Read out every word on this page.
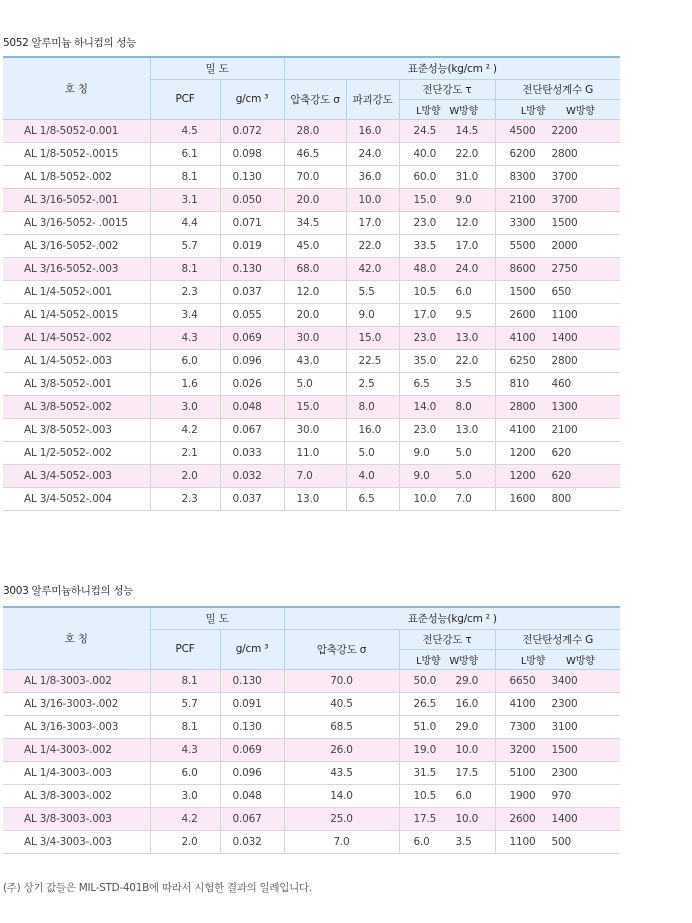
5052 알루미늄 하니컴의 성능
호 칭	밀 도		표준성능(kg/cm ² )			
	PCF	g/cm ³	압축강도 σ	파괴강도	전단강도 τ	전단탄성계수 G
					L방향 W방향	L방향 W방향
AL 1/8-5052-0.001	4.5	0.072	28.0	16.0	24.5 14.5	4500 2200
AL 1/8-5052-.0015	6.1	0.098	46.5	24.0	40.0 22.0	6200 2800
AL 1/8-5052-.002	8.1	0.130	70.0	36.0	60.0 31.0	8300 3700
AL 3/16-5052-.001	3.1	0.050	20.0	10.0	15.0 9.0	2100 3700
AL 3/16-5052- .0015	4.4	0.071	34.5	17.0	23.0 12.0	3300 1500
AL 3/16-5052-.002	5.7	0.019	45.0	22.0	33.5 17.0	5500 2000
AL 3/16-5052-.003	8.1	0.130	68.0	42.0	48.0 24.0	8600 2750
AL 1/4-5052-.001	2.3	0.037	12.0	5.5	10.5 6.0	1500 650
AL 1/4-5052-.0015	3.4	0.055	20.0	9.0	17.0 9.5	2600 1100
AL 1/4-5052-.002	4.3	0.069	30.0	15.0	23.0 13.0	4100 1400
AL 1/4-5052-.003	6.0	0.096	43.0	22.5	35.0 22.0	6250 2800
AL 3/8-5052-.001	1.6	0.026	5.0	2.5	6.5 3.5	810 460
AL 3/8-5052-.002	3.0	0.048	15.0	8.0	14.0 8.0	2800 1300
AL 3/8-5052-.003	4.2	0.067	30.0	16.0	23.0 13.0	4100 2100
AL 1/2-5052-.002	2.1	0.033	11.0	5.0	9.0 5.0	1200 620
AL 3/4-5052-.003	2.0	0.032	7.0	4.0	9.0 5.0	1200 620
AL 3/4-5052-.004	2.3	0.037	13.0	6.5	10.0 7.0	1600 800
3003 알루미늄하니컴의 성능
호 칭	밀 도		표준성능(kg/cm ² )		
	PCF	g/cm ³	압축강도 σ	전단강도 τ	전단탄성계수 G
				L방향 W방향	L방향 W방향
AL 1/8-3003-.002	8.1	0.130	70.0	50.0 29.0	6650 3400
AL 3/16-3003-.002	5.7	0.091	40.5	26.5 16.0	4100 2300
AL 3/16-3003-.003	8.1	0.130	68.5	51.0 29.0	7300 3100
AL 1/4-3003-.002	4.3	0.069	26.0	19.0 10.0	3200 1500
AL 1/4-3003-.003	6.0	0.096	43.5	31.5 17.5	5100 2300
AL 3/8-3003-.002	3.0	0.048	14.0	10.5 6.0	1900 970
AL 3/8-3003-.003	4.2	0.067	25.0	17.5 10.0	2600 1400
AL 3/4-3003-.003	2.0	0.032	7.0	6.0 3.5	1100 500
(주) 상기 값들은 MIL-STD-401B에 따라서 시험한 결과의 일례입니다.
